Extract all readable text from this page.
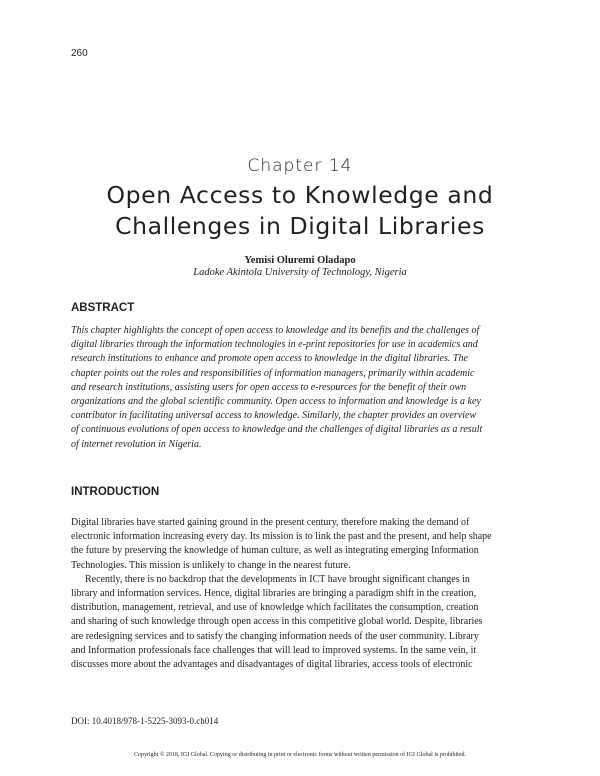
260
Chapter 14
Open Access to Knowledge and
Challenges in Digital Libraries
Yemisi Oluremi Oladapo
Ladoke Akintola University of Technology, Nigeria
ABSTRACT
This chapter highlights the concept of open access to knowledge and its benefits and the challenges of
digital libraries through the information technologies in e-print repositories for use in academics and
research institutions to enhance and promote open access to knowledge in the digital libraries. The
chapter points out the roles and responsibilities of information managers, primarily within academic
and research institutions, assisting users for open access to e-resources for the benefit of their own
organizations and the global scientific community. Open access to information and knowledge is a key
contributor in facilitating universal access to knowledge. Similarly, the chapter provides an overview
of continuous evolutions of open access to knowledge and the challenges of digital libraries as a result
of internet revolution in Nigeria.
INTRODUCTION
Digital libraries have started gaining ground in the present century, therefore making the demand of
electronic information increasing every day. Its mission is to link the past and the present, and help shape
the future by preserving the knowledge of human culture, as well as integrating emerging Information
Technologies. This mission is unlikely to change in the nearest future.
Recently, there is no backdrop that the developments in ICT have brought significant changes in
library and information services. Hence, digital libraries are bringing a paradigm shift in the creation,
distribution, management, retrieval, and use of knowledge which facilitates the consumption, creation
and sharing of such knowledge through open access in this competitive global world. Despite, libraries
are redesigning services and to satisfy the changing information needs of the user community. Library
and Information professionals face challenges that will lead to improved systems. In the same vein, it
discusses more about the advantages and disadvantages of digital libraries, access tools of electronic
DOI: 10.4018/978-1-5225-3093-0.ch014
Copyright © 2018, IGI Global. Copying or distributing in print or electronic forms without written permission of IGI Global is prohibited.
